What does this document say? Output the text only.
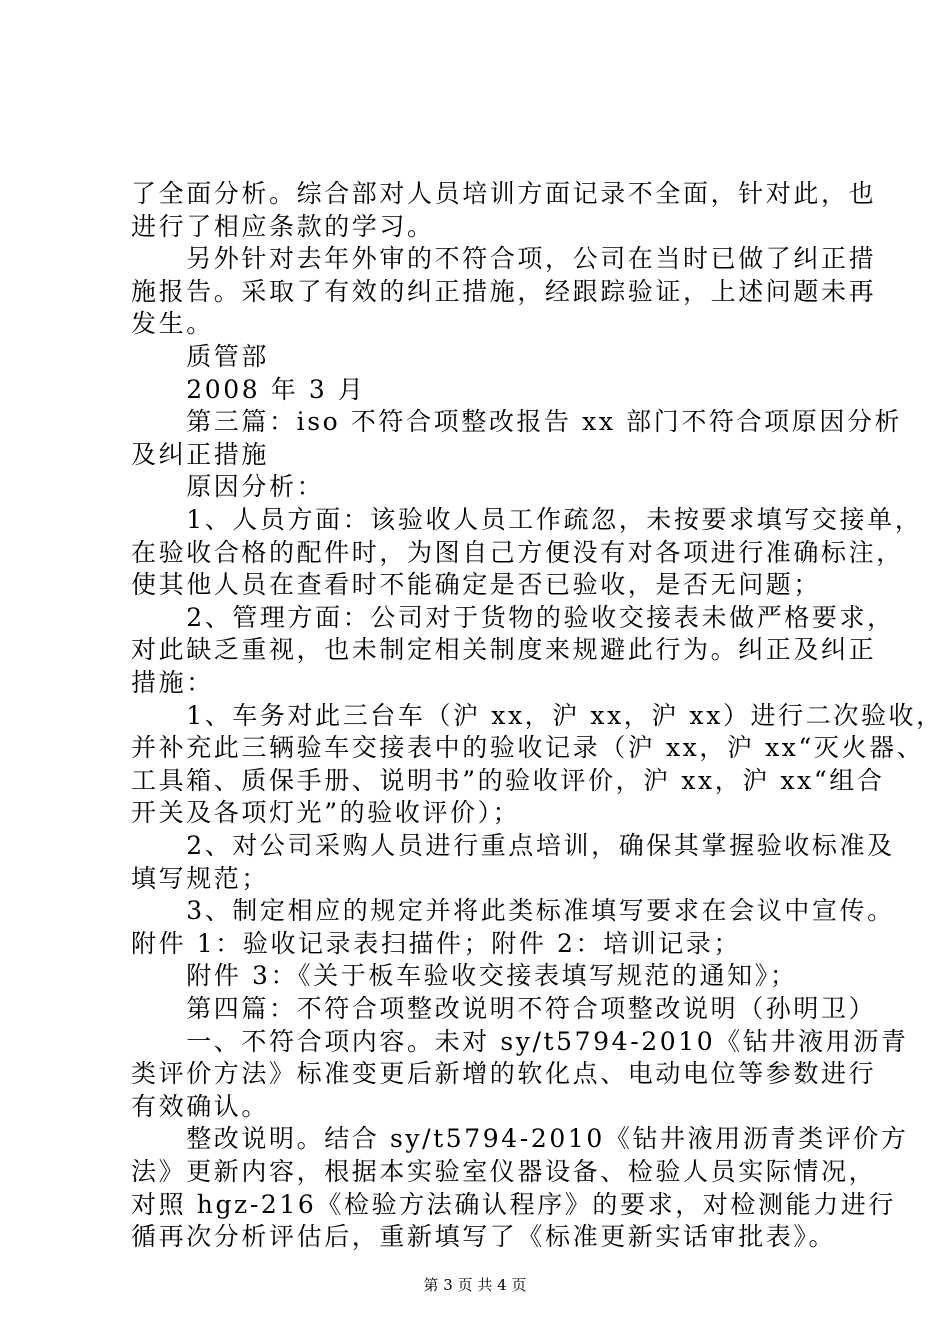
了全面分析。综合部对人员培训方面记录不全面，针对此，也
进行了相应条款的学习。
　　另外针对去年外审的不符合项，公司在当时已做了纠正措
施报告。采取了有效的纠正措施，经跟踪验证，上述问题未再
发生。
　　质管部
　　2008 年 3 月
　　第三篇：iso 不符合项整改报告 xx 部门不符合项原因分析
及纠正措施
　　原因分析：
　　1、人员方面：该验收人员工作疏忽，未按要求填写交接单，
在验收合格的配件时，为图自己方便没有对各项进行准确标注，
使其他人员在查看时不能确定是否已验收，是否无问题；
　　2、管理方面：公司对于货物的验收交接表未做严格要求，
对此缺乏重视，也未制定相关制度来规避此行为。纠正及纠正
措施：
　　1、车务对此三台车（沪 xx，沪 xx，沪 xx）进行二次验收，
并补充此三辆验车交接表中的验收记录（沪 xx，沪 xx“灭火器、
工具箱、质保手册、说明书”的验收评价，沪 xx，沪 xx“组合
开关及各项灯光”的验收评价）；
　　2、对公司采购人员进行重点培训，确保其掌握验收标准及
填写规范；
　　3、制定相应的规定并将此类标准填写要求在会议中宣传。
附件 1：验收记录表扫描件；附件 2：培训记录；
　　附件 3：《关于板车验收交接表填写规范的通知》；
　　第四篇：不符合项整改说明不符合项整改说明（孙明卫）
　　一、不符合项内容。未对 sy/t5794-2010《钻井液用沥青
类评价方法》标准变更后新增的软化点、电动电位等参数进行
有效确认。
　　整改说明。结合 sy/t5794-2010《钻井液用沥青类评价方
法》更新内容，根据本实验室仪器设备、检验人员实际情况，
对照 hgz-216《检验方法确认程序》的要求，对检测能力进行
循再次分析评估后，重新填写了《标准更新实话审批表》。
第 3 页 共 4 页
